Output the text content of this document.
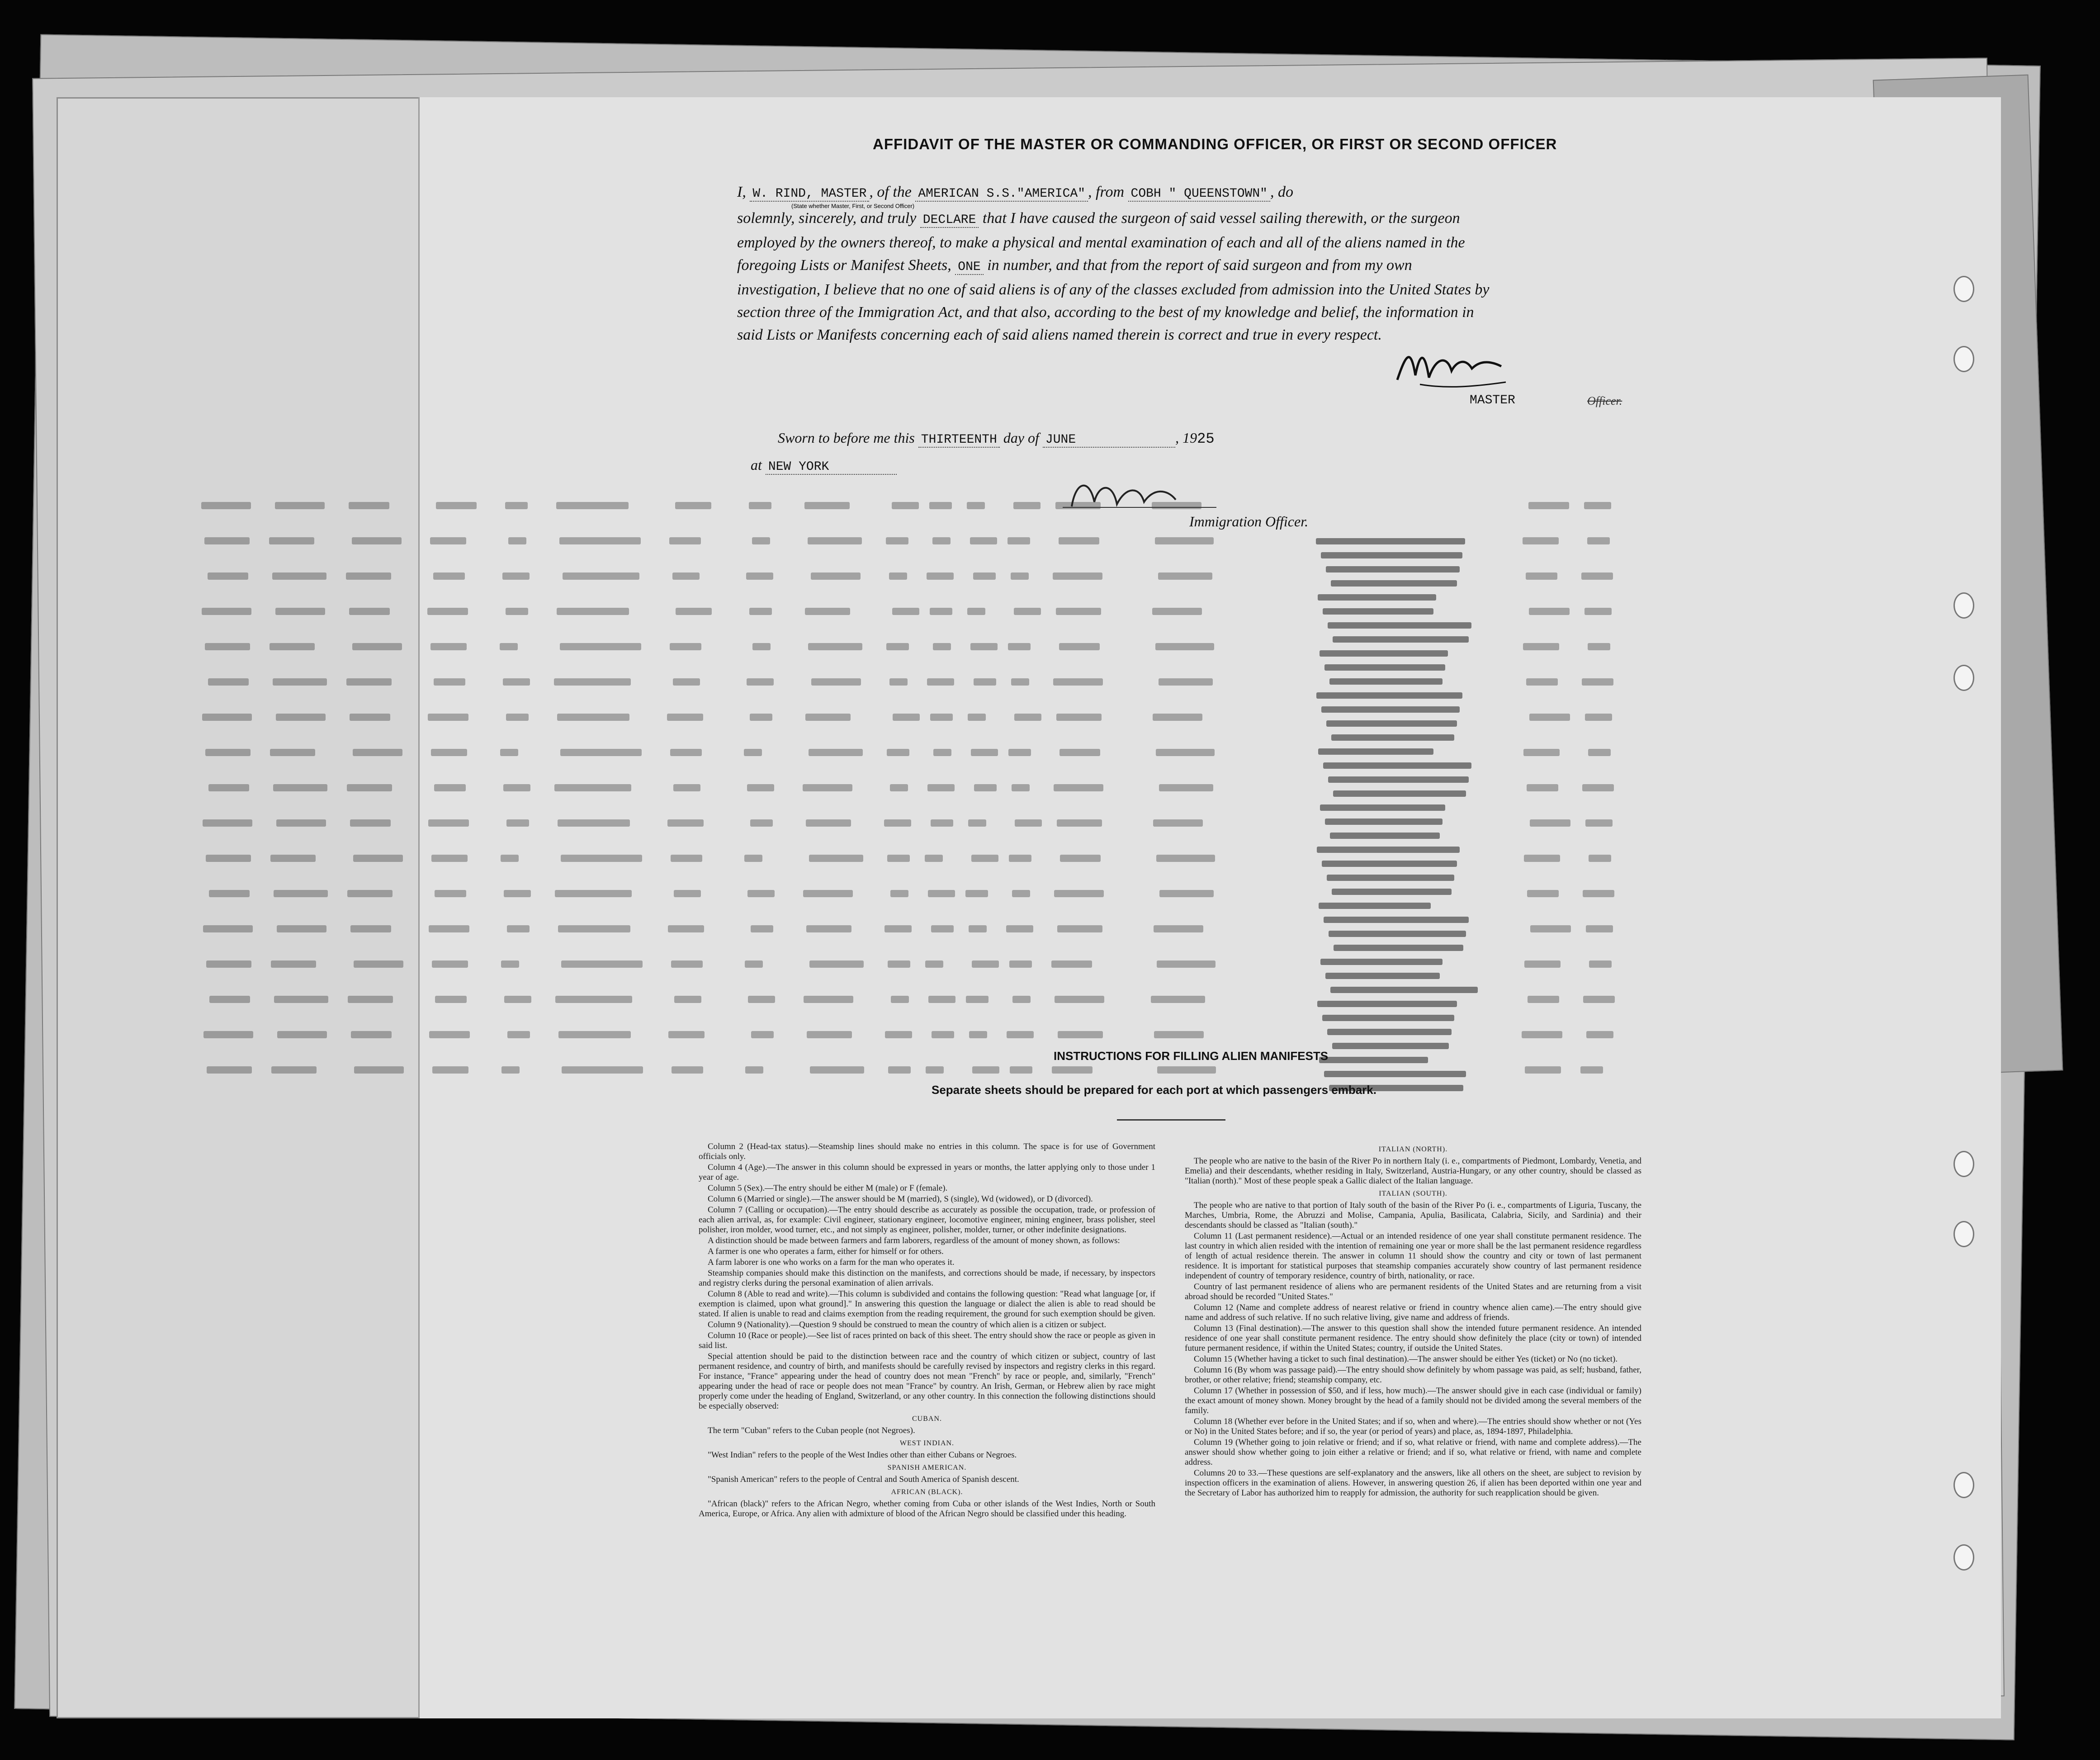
AFFIDAVIT OF THE MASTER OR COMMANDING OFFICER, OR FIRST OR SECOND OFFICER

I, W. RIND, MASTER , of the AMERICAN S.S."AMERICA" , from COBH " QUEENSTOWN" , do

solemnly, sincerely, and truly DECLARE that I have caused the surgeon of said vessel sailing therewith, or the surgeon

employed by the owners thereof, to make a physical and mental examination of each and all of the aliens named in the

foregoing Lists or Manifest Sheets, ONE in number, and that from the report of said surgeon and from my own

investigation, I believe that no one of said aliens is of any of the classes excluded from admission into the United States by

section three of the Immigration Act, and that also, according to the best of my knowledge and belief, the information in

said Lists or Manifests concerning each of said aliens named therein is correct and true in every respect.

(State whether Master, First, or Second Officer)
MASTER	Officer.
Sworn to before me this THIRTEENTH day of JUNE	, 1925
at NEW YORK
Immigration Officer.
INSTRUCTIONS FOR FILLING ALIEN MANIFESTS
Separate sheets should be prepared for each port at which passengers embark.

Column 2 (Head-tax status).—Steamship lines should make no entries in this column. The space is for use of Government officials only.

Column 4 (Age).—The answer in this column should be expressed in years or months, the latter applying only to those under 1 year of age.

Column 5 (Sex).—The entry should be either M (male) or F (female).

Column 6 (Married or single).—The answer should be M (married), S (single), Wd (widowed), or D (divorced).

Column 7 (Calling or occupation).—The entry should describe as accurately as possible the occupation, trade, or profession of each alien arrival, as, for example: Civil engineer, stationary engineer, locomotive engineer, mining engineer, brass polisher, steel polisher, iron molder, wood turner, etc., and not simply as engineer, polisher, molder, turner, or other indefinite designations.

A distinction should be made between farmers and farm laborers, regardless of the amount of money shown, as follows:

A farmer is one who operates a farm, either for himself or for others.

A farm laborer is one who works on a farm for the man who operates it.

Steamship companies should make this distinction on the manifests, and corrections should be made, if necessary, by inspectors and registry clerks during the personal examination of alien arrivals.

Column 8 (Able to read and write).—This column is subdivided and contains the following question: "Read what language [or, if exemption is claimed, upon what ground]." In answering this question the language or dialect the alien is able to read should be stated. If alien is unable to read and claims exemption from the reading requirement, the ground for such exemption should be given.

Column 9 (Nationality).—Question 9 should be construed to mean the country of which alien is a citizen or subject.

Column 10 (Race or people).—See list of races printed on back of this sheet. The entry should show the race or people as given in said list.

Special attention should be paid to the distinction between race and the country of which citizen or subject, country of last permanent residence, and country of birth, and manifests should be carefully revised by inspectors and registry clerks in this regard. For instance, "France" appearing under the head of country does not mean "French" by race or people, and, similarly, "French" appearing under the head of race or people does not mean "France" by country. An Irish, German, or Hebrew alien by race might properly come under the heading of England, Switzerland, or any other country. In this connection the following distinctions should be especially observed:

CUBAN.

The term "Cuban" refers to the Cuban people (not Negroes).

WEST INDIAN.

"West Indian" refers to the people of the West Indies other than either Cubans or Negroes.

SPANISH AMERICAN.

"Spanish American" refers to the people of Central and South America of Spanish descent.

AFRICAN (BLACK).

"African (black)" refers to the African Negro, whether coming from Cuba or other islands of the West Indies, North or South America, Europe, or Africa. Any alien with admixture of blood of the African Negro should be classified under this heading.

ITALIAN (NORTH).

The people who are native to the basin of the River Po in northern Italy (i. e., compartments of Piedmont, Lombardy, Venetia, and Emelia) and their descendants, whether residing in Italy, Switzerland, Austria-Hungary, or any other country, should be classed as "Italian (north)." Most of these people speak a Gallic dialect of the Italian language.

ITALIAN (SOUTH).

The people who are native to that portion of Italy south of the basin of the River Po (i. e., compartments of Liguria, Tuscany, the Marches, Umbria, Rome, the Abruzzi and Molise, Campania, Apulia, Basilicata, Calabria, Sicily, and Sardinia) and their descendants should be classed as "Italian (south)."

Column 11 (Last permanent residence).—Actual or an intended residence of one year shall constitute permanent residence. The last country in which alien resided with the intention of remaining one year or more shall be the last permanent residence regardless of length of actual residence therein. The answer in column 11 should show the country and city or town of last permanent residence. It is important for statistical purposes that steamship companies accurately show country of last permanent residence independent of country of temporary residence, country of birth, nationality, or race.

Country of last permanent residence of aliens who are permanent residents of the United States and are returning from a visit abroad should be recorded "United States."

Column 12 (Name and complete address of nearest relative or friend in country whence alien came).—The entry should give name and address of such relative. If no such relative living, give name and address of friends.

Column 13 (Final destination).—The answer to this question shall show the intended future permanent residence. An intended residence of one year shall constitute permanent residence. The entry should show definitely the place (city or town) of intended future permanent residence, if within the United States; country, if outside the United States.

Column 15 (Whether having a ticket to such final destination).—The answer should be either Yes (ticket) or No (no ticket).

Column 16 (By whom was passage paid).—The entry should show definitely by whom passage was paid, as self; husband, father, brother, or other relative; friend; steamship company, etc.

Column 17 (Whether in possession of $50, and if less, how much).—The answer should give in each case (individual or family) the exact amount of money shown. Money brought by the head of a family should not be divided among the several members of the family.

Column 18 (Whether ever before in the United States; and if so, when and where).—The entries should show whether or not (Yes or No) in the United States before; and if so, the year (or period of years) and place, as, 1894-1897, Philadelphia.

Column 19 (Whether going to join relative or friend; and if so, what relative or friend, with name and complete address).—The answer should show whether going to join either a relative or friend; and if so, what relative or friend, with name and complete address.

Columns 20 to 33.—These questions are self-explanatory and the answers, like all others on the sheet, are subject to revision by inspection officers in the examination of aliens. However, in answering question 26, if alien has been deported within one year and the Secretary of Labor has authorized him to reapply for admission, the authority for such reapplication should be given.
